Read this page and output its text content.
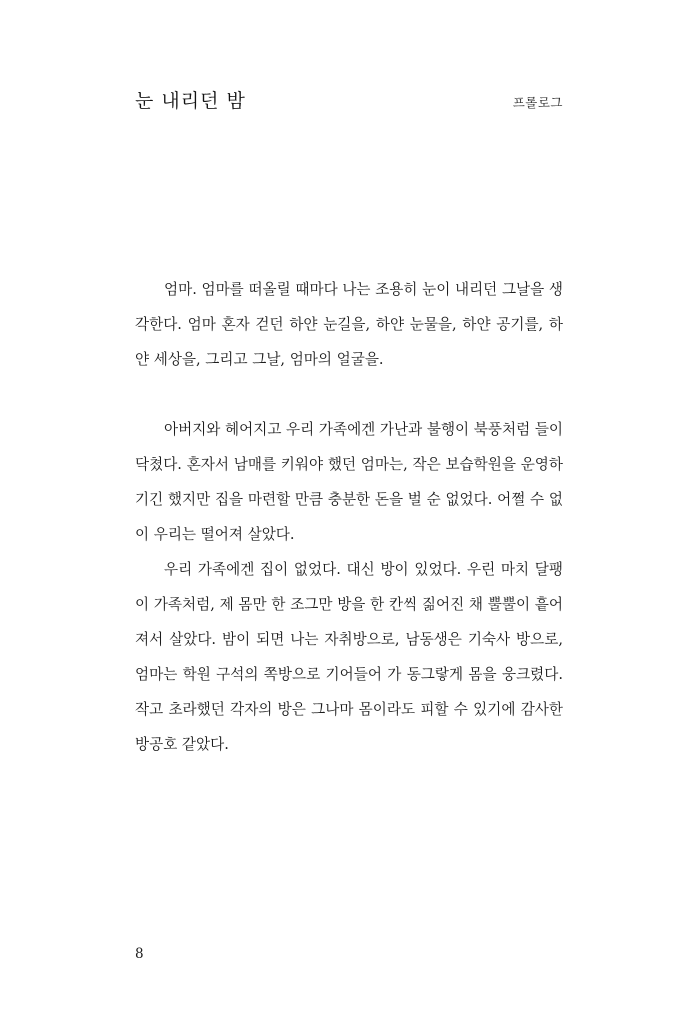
눈 내리던 밤	프롤로그

엄마. 엄마를 떠올릴 때마다 나는 조용히 눈이 내리던 그날을 생각한다. 엄마 혼자 걷던 하얀 눈길을, 하얀 눈물을, 하얀 공기를, 하얀 세상을, 그리고 그날, 엄마의 얼굴을.

아버지와 헤어지고 우리 가족에겐 가난과 불행이 북풍처럼 들이닥쳤다. 혼자서 남매를 키워야 했던 엄마는, 작은 보습학원을 운영하기긴 했지만 집을 마련할 만큼 충분한 돈을 벌 순 없었다. 어쩔 수 없이 우리는 떨어져 살았다.

우리 가족에겐 집이 없었다. 대신 방이 있었다. 우린 마치 달팽이 가족처럼, 제 몸만 한 조그만 방을 한 칸씩 짊어진 채 뿔뿔이 흩어져서 살았다. 밤이 되면 나는 자취방으로, 남동생은 기숙사 방으로, 엄마는 학원 구석의 쪽방으로 기어들어 가 동그랗게 몸을 웅크렸다. 작고 초라했던 각자의 방은 그나마 몸이라도 피할 수 있기에 감사한 방공호 같았다.

8
